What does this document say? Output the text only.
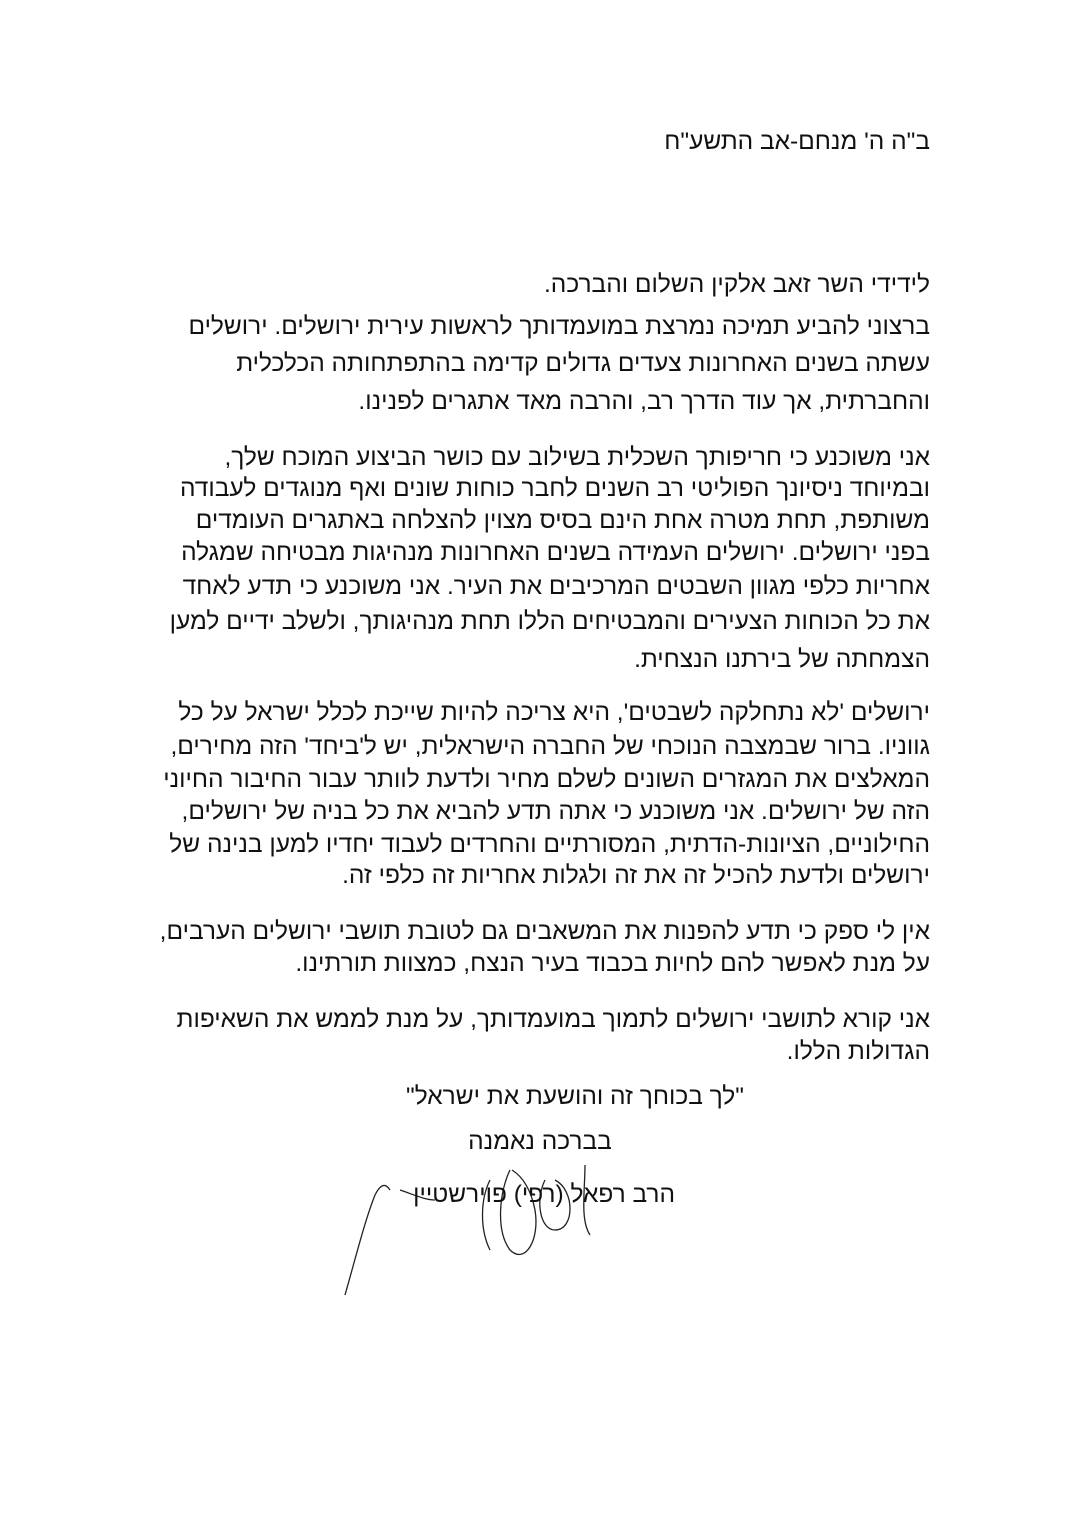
ב"ה ה' מנחם-אב התשע"ח
לידידי השר זאב אלקין השלום והברכה.
ברצוני להביע תמיכה נמרצת במועמדותך לראשות עירית ירושלים. ירושלים
עשתה בשנים האחרונות צעדים גדולים קדימה בהתפתחותה הכלכלית
והחברתית, אך עוד הדרך רב, והרבה מאד אתגרים לפנינו.
אני משוכנע כי חריפותך השכלית בשילוב עם כושר הביצוע המוכח שלך,
ובמיוחד ניסיונך הפוליטי רב השנים לחבר כוחות שונים ואף מנוגדים לעבודה
משותפת, תחת מטרה אחת הינם בסיס מצוין להצלחה באתגרים העומדים
בפני ירושלים. ירושלים העמידה בשנים האחרונות מנהיגות מבטיחה שמגלה
אחריות כלפי מגוון השבטים המרכיבים את העיר. אני משוכנע כי תדע לאחד
את כל הכוחות הצעירים והמבטיחים הללו תחת מנהיגותך, ולשלב ידיים למען
הצמחתה של בירתנו הנצחית.
ירושלים 'לא נתחלקה לשבטים', היא צריכה להיות שייכת לכלל ישראל על כל
גווניו. ברור שבמצבה הנוכחי של החברה הישראלית, יש ל'ביחד' הזה מחירים,
המאלצים את המגזרים השונים לשלם מחיר ולדעת לוותר עבור החיבור החיוני
הזה של ירושלים. אני משוכנע כי אתה תדע להביא את כל בניה של ירושלים,
החילוניים, הציונות-הדתית, המסורתיים והחרדים לעבוד יחדיו למען בנינה של
ירושלים ולדעת להכיל זה את זה ולגלות אחריות זה כלפי זה.
אין לי ספק כי תדע להפנות את המשאבים גם לטובת תושבי ירושלים הערבים,
על מנת לאפשר להם לחיות בכבוד בעיר הנצח, כמצוות תורתינו.
אני קורא לתושבי ירושלים לתמוך במועמדותך, על מנת לממש את השאיפות
הגדולות הללו.
"לך בכוחך זה והושעת את ישראל"
בברכה נאמנה
הרב רפאל (רפי) פוירשטיין
